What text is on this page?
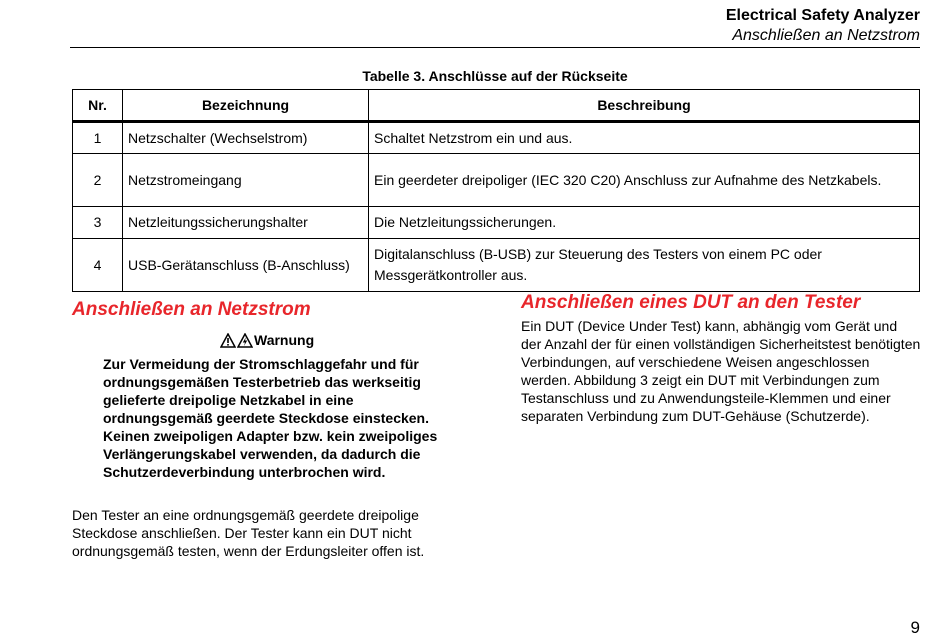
Electrical Safety Analyzer
Anschließen an Netzstrom
Tabelle 3. Anschlüsse auf der Rückseite
Nr.	Bezeichnung	Beschreibung
1	Netzschalter (Wechselstrom)	Schaltet Netzstrom ein und aus.
2	Netzstromeingang	Ein geerdeter dreipoliger (IEC 320 C20) Anschluss zur Aufnahme des Netzkabels.
3	Netzleitungssicherungshalter	Die Netzleitungssicherungen.
4	USB-Gerätanschluss (B-Anschluss)	Digitalanschluss (B-USB) zur Steuerung des Testers von einem PC oder Messgerätkontroller aus.
Anschließen an Netzstrom
Warnung
Zur Vermeidung der Stromschlaggefahr und für ordnungsgemäßen Testerbetrieb das werkseitig gelieferte dreipolige Netzkabel in eine ordnungsgemäß geerdete Steckdose einstecken. Keinen zweipoligen Adapter bzw. kein zweipoliges Verlängerungskabel verwenden, da dadurch die Schutzerdeverbindung unterbrochen wird.
Den Tester an eine ordnungsgemäß geerdete dreipolige Steckdose anschließen. Der Tester kann ein DUT nicht ordnungsgemäß testen, wenn der Erdungsleiter offen ist.
Anschließen eines DUT an den Tester
Ein DUT (Device Under Test) kann, abhängig vom Gerät und der Anzahl der für einen vollständigen Sicherheitstest benötigten Verbindungen, auf verschiedene Weisen angeschlossen werden. Abbildung 3 zeigt ein DUT mit Verbindungen zum Testanschluss und zu Anwendungsteile-Klemmen und einer separaten Verbindung zum DUT-Gehäuse (Schutzerde).
9
